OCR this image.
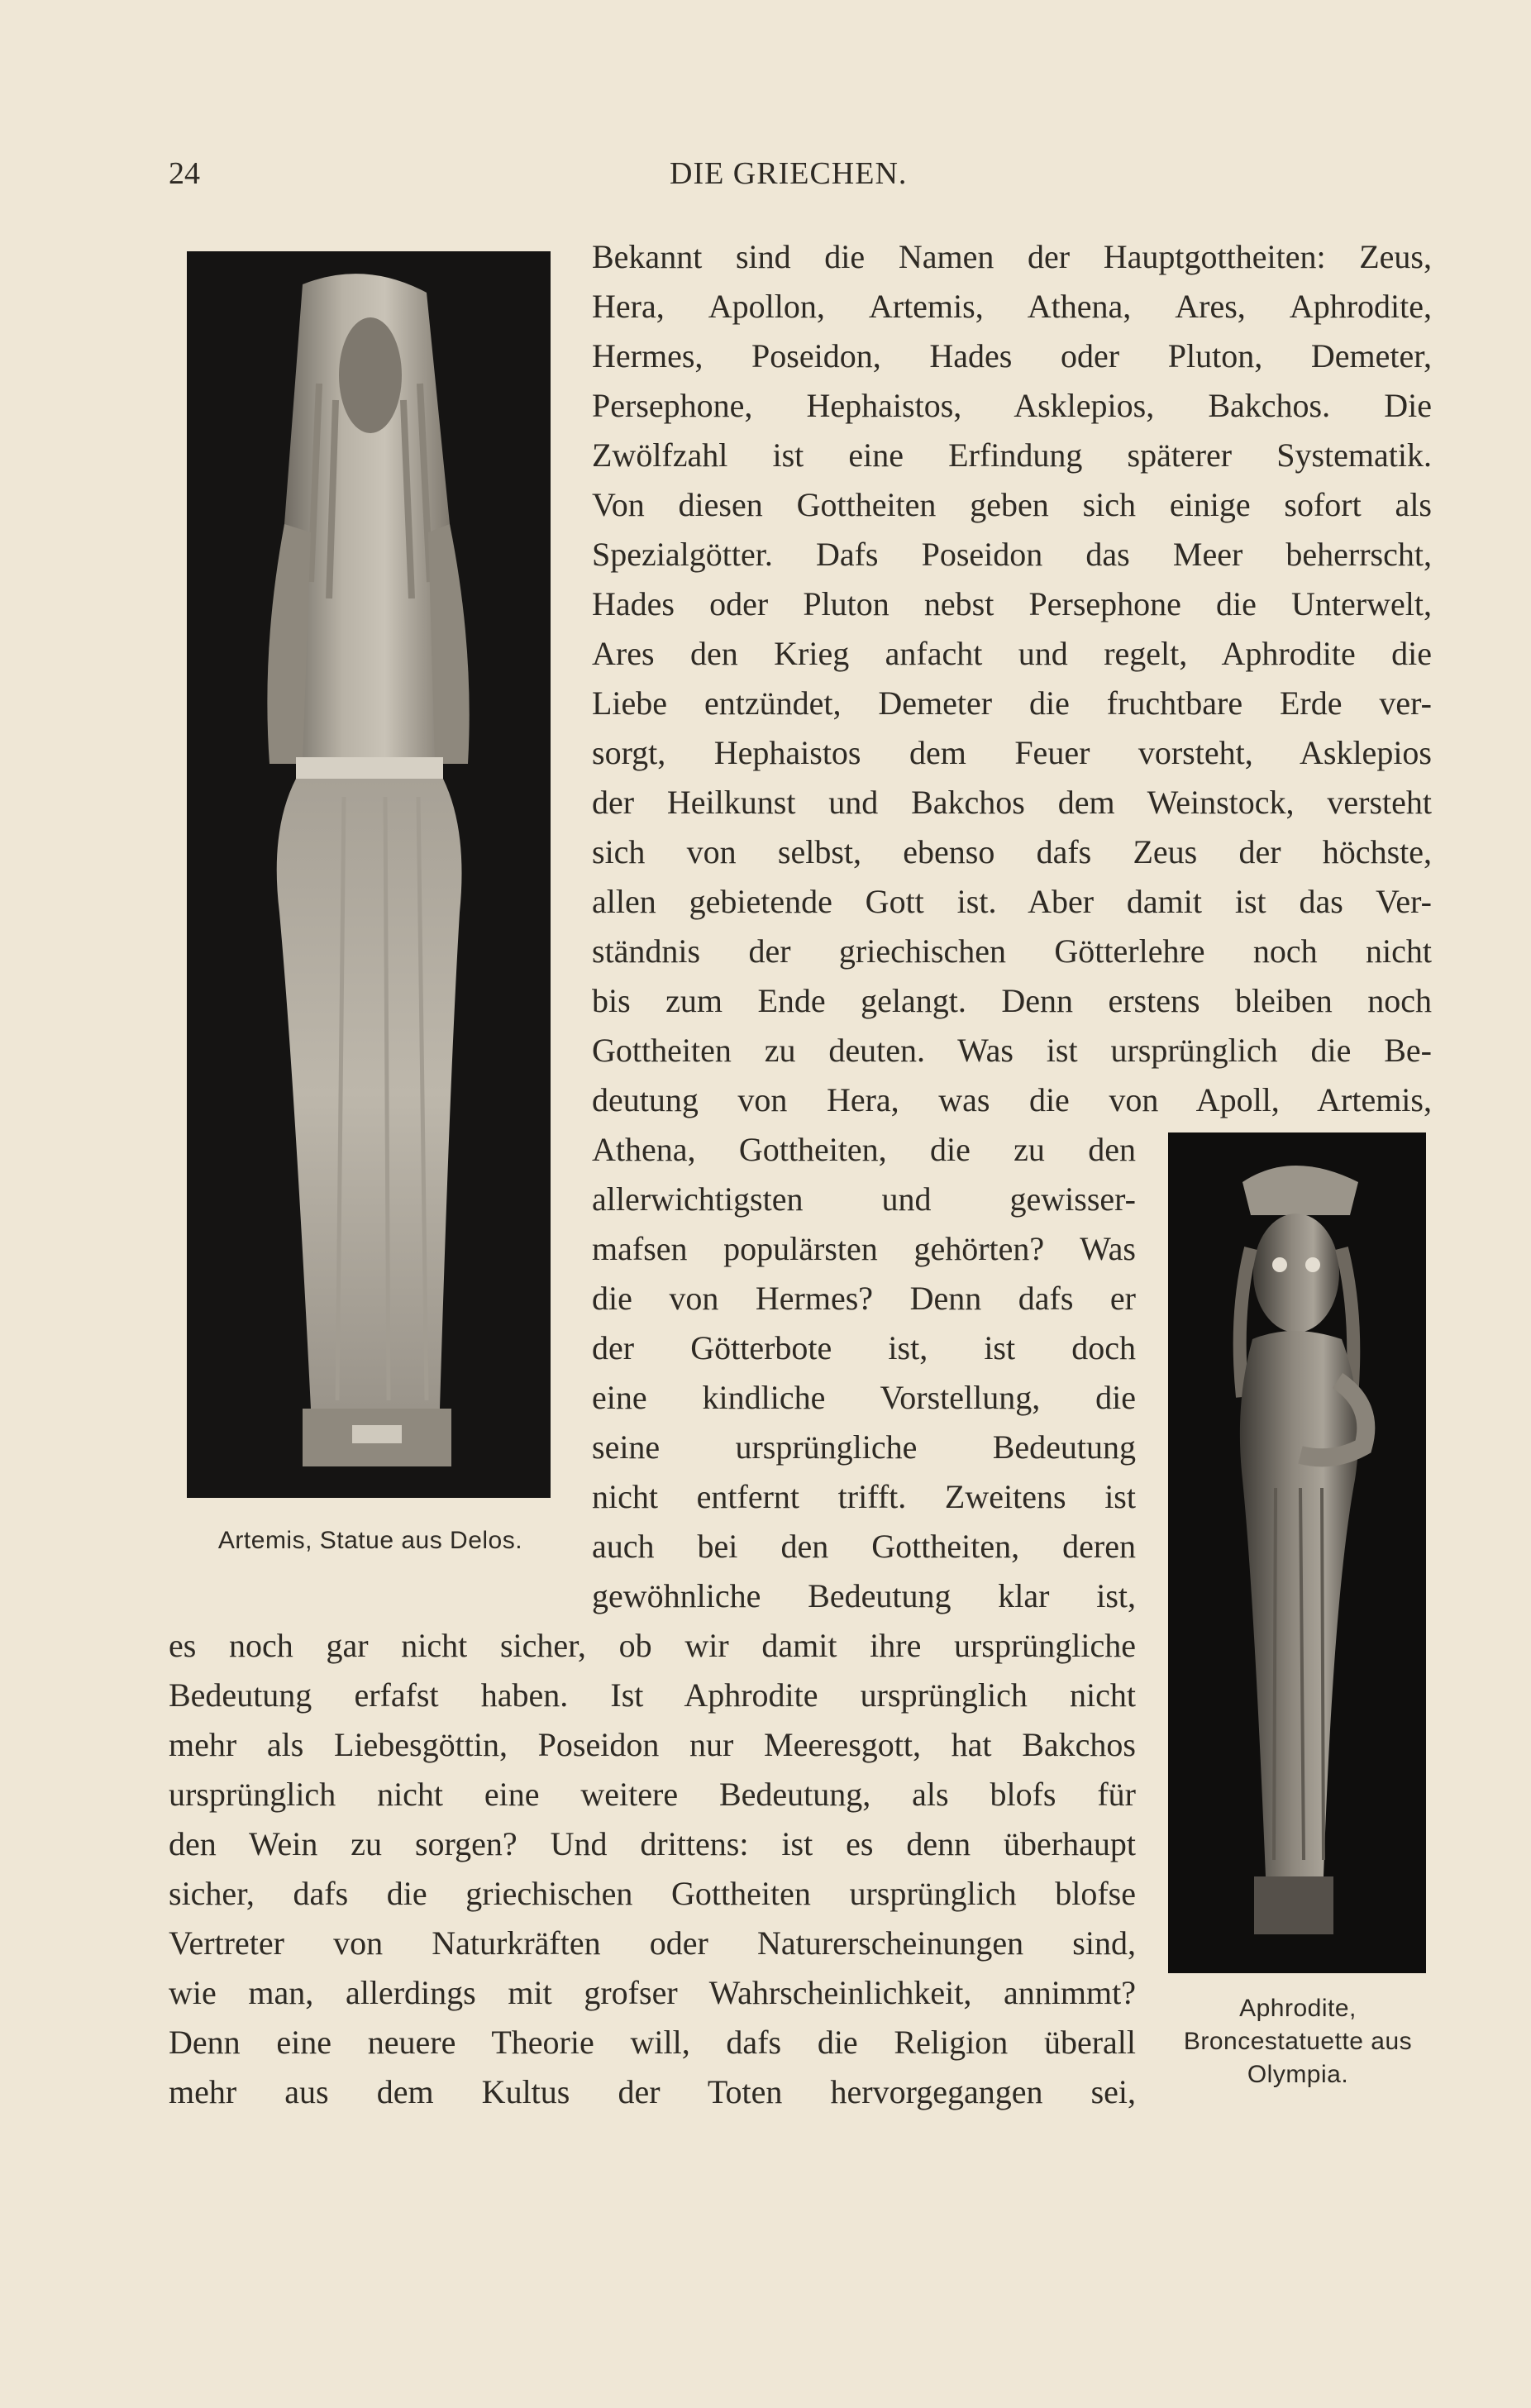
24	DIE GRIECHEN.
Artemis, Statue aus Delos.
Aphrodite,
Broncestatuette aus
Olympia.
Bekannt sind die Namen der Hauptgottheiten: Zeus,
Hera, Apollon, Artemis, Athena, Ares, Aphrodite,
Hermes, Poseidon, Hades oder Pluton, Demeter,
Persephone, Hephaistos, Asklepios, Bakchos. Die
Zwölfzahl ist eine Erfindung späterer Systematik.
Von diesen Gottheiten geben sich einige sofort als
Spezialgötter. Dafs Poseidon das Meer beherrscht,
Hades oder Pluton nebst Persephone die Unterwelt,
Ares den Krieg anfacht und regelt, Aphrodite die
Liebe entzündet, Demeter die fruchtbare Erde ver-
sorgt, Hephaistos dem Feuer vorsteht, Asklepios
der Heilkunst und Bakchos dem Weinstock, versteht
sich von selbst, ebenso dafs Zeus der höchste,
allen gebietende Gott ist. Aber damit ist das Ver-
ständnis der griechischen Götterlehre noch nicht
bis zum Ende gelangt. Denn erstens bleiben noch
Gottheiten zu deuten. Was ist ursprünglich die Be-
deutung von Hera, was die von Apoll, Artemis,
Athena, Gottheiten, die zu den
allerwichtigsten und gewisser-
mafsen populärsten gehörten? Was
die von Hermes? Denn dafs er
der Götterbote ist, ist doch
eine kindliche Vorstellung, die
seine ursprüngliche Bedeutung
nicht entfernt trifft. Zweitens ist
auch bei den Gottheiten, deren
gewöhnliche Bedeutung klar ist,
es noch gar nicht sicher, ob wir damit ihre ursprüngliche
Bedeutung erfafst haben. Ist Aphrodite ursprünglich nicht
mehr als Liebesgöttin, Poseidon nur Meeresgott, hat Bakchos
ursprünglich nicht eine weitere Bedeutung, als blofs für
den Wein zu sorgen? Und drittens: ist es denn überhaupt
sicher, dafs die griechischen Gottheiten ursprünglich blofse
Vertreter von Naturkräften oder Naturerscheinungen sind,
wie man, allerdings mit grofser Wahrscheinlichkeit, annimmt?
Denn eine neuere Theorie will, dafs die Religion überall
mehr aus dem Kultus der Toten hervorgegangen sei,
